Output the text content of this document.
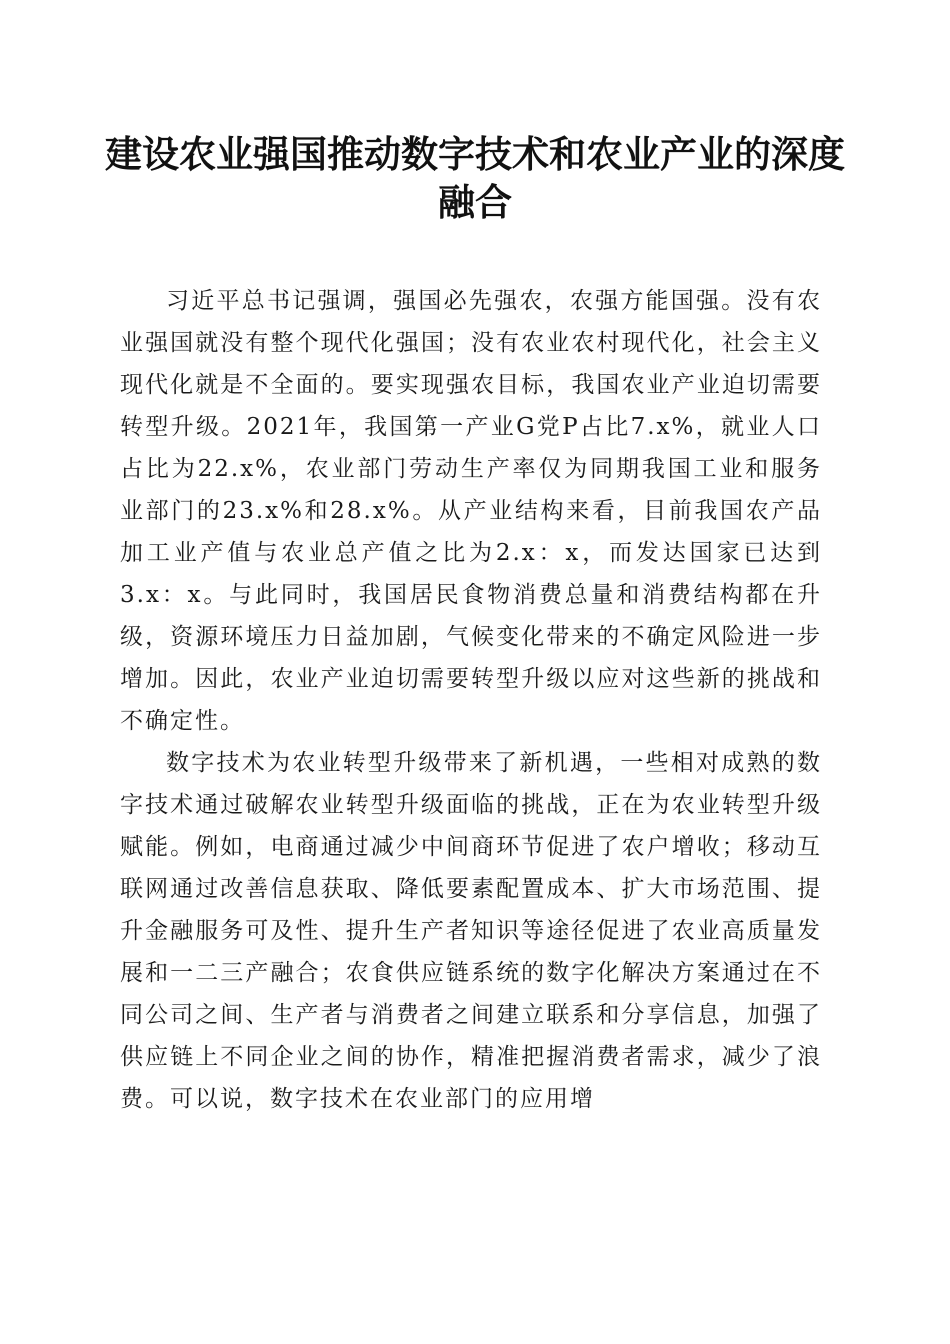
建设农业强国推动数字技术和农业产业的深度融合

习近平总书记强调，强国必先强农，农强方能国强。没有农业强国就没有整个现代化强国；没有农业农村现代化，社会主义现代化就是不全面的。要实现强农目标，我国农业产业迫切需要转型升级。2021年，我国第一产业G党P占比7.x%，就业人口占比为22.x%，农业部门劳动生产率仅为同期我国工业和服务业部门的23.x%和28.x%。从产业结构来看，目前我国农产品加工业产值与农业总产值之比为2.x：x，而发达国家已达到3.x：x。与此同时，我国居民食物消费总量和消费结构都在升级，资源环境压力日益加剧，气候变化带来的不确定风险进一步增加。因此，农业产业迫切需要转型升级以应对这些新的挑战和不确定性。

数字技术为农业转型升级带来了新机遇，一些相对成熟的数字技术通过破解农业转型升级面临的挑战，正在为农业转型升级赋能。例如，电商通过减少中间商环节促进了农户增收；移动互联网通过改善信息获取、降低要素配置成本、扩大市场范围、提升金融服务可及性、提升生产者知识等途径促进了农业高质量发展和一二三产融合；农食供应链系统的数字化解决方案通过在不同公司之间、生产者与消费者之间建立联系和分享信息，加强了供应链上不同企业之间的协作，精准把握消费者需求，减少了浪费。可以说，数字技术在农业部门的应用增
